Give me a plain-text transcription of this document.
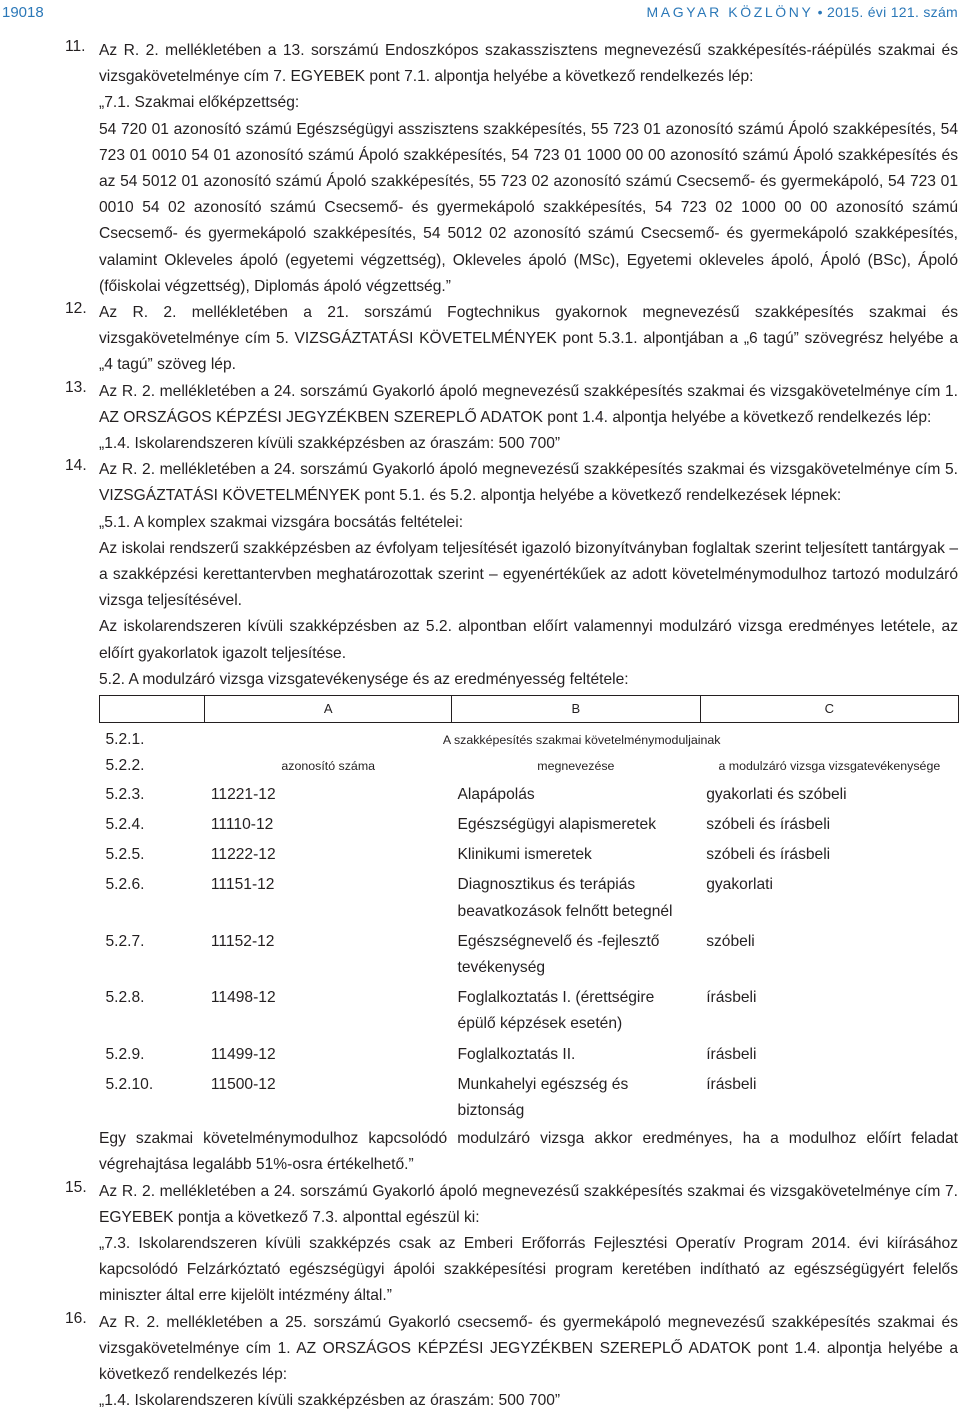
19018	MAGYAR KÖZLÖNY • 2015. évi 121. szám
11. Az R. 2. mellékletében a 13. sorszámú Endoszkópos szakasszisztens megnevezésű szakképesítés-ráépülés szakmai és vizsgakövetelménye cím 7. EGYEBEK pont 7.1. alpontja helyébe a következő rendelkezés lép:

„7.1. Szakmai előképzettség:

54 720 01 azonosító számú Egészségügyi asszisztens szakképesítés, 55 723 01 azonosító számú Ápoló szakképesítés, 54 723 01 0010 54 01 azonosító számú Ápoló szakképesítés, 54 723 01 1000 00 00 azonosító számú Ápoló szakképesítés és az 54 5012 01 azonosító számú Ápoló szakképesítés, 55 723 02 azonosító számú Csecsemő- és gyermekápoló, 54 723 01 0010 54 02 azonosító számú Csecsemő- és gyermekápoló szakképesítés, 54 723 02 1000 00 00 azonosító számú Csecsemő- és gyermekápoló szakképesítés, 54 5012 02 azonosító számú Csecsemő- és gyermekápoló szakképesítés, valamint Okleveles ápoló (egyetemi végzettség), Okleveles ápoló (MSc), Egyetemi okleveles ápoló, Ápoló (BSc), Ápoló (főiskolai végzettség), Diplomás ápoló végzettség.”

12. Az R. 2. mellékletében a 21. sorszámú Fogtechnikus gyakornok megnevezésű szakképesítés szakmai és vizsgakövetelménye cím 5. VIZSGÁZTATÁSI KÖVETELMÉNYEK pont 5.3.1. alpontjában a „6 tagú” szövegrész helyébe a „4 tagú” szöveg lép.

13. Az R. 2. mellékletében a 24. sorszámú Gyakorló ápoló megnevezésű szakképesítés szakmai és vizsgakövetelménye cím 1. AZ ORSZÁGOS KÉPZÉSI JEGYZÉKBEN SZEREPLŐ ADATOK pont 1.4. alpontja helyébe a következő rendelkezés lép:

„1.4. Iskolarendszeren kívüli szakképzésben az óraszám: 500 700”

14. Az R. 2. mellékletében a 24. sorszámú Gyakorló ápoló megnevezésű szakképesítés szakmai és vizsgakövetelménye cím 5. VIZSGÁZTATÁSI KÖVETELMÉNYEK pont 5.1. és 5.2. alpontja helyébe a következő rendelkezések lépnek:

„5.1. A komplex szakmai vizsgára bocsátás feltételei:

Az iskolai rendszerű szakképzésben az évfolyam teljesítését igazoló bizonyítványban foglaltak szerint teljesített tantárgyak – a szakképzési kerettantervben meghatározottak szerint – egyenértékűek az adott követelménymodulhoz tartozó modulzáró vizsga teljesítésével.

Az iskolarendszeren kívüli szakképzésben az 5.2. alpontban előírt valamennyi modulzáró vizsga eredményes letétele, az előírt gyakorlatok igazolt teljesítése.

5.2. A modulzáró vizsga vizsgatevékenysége és az eredményesség feltétele:

	A	B	C
5.2.1.	A szakképesítés szakmai követelménymoduljainak		
5.2.2.	azonosító száma	megnevezése	a modulzáró vizsga vizsgatevékenysége
5.2.3.	11221-12	Alapápolás	gyakorlati és szóbeli
5.2.4.	11110-12	Egészségügyi alapismeretek	szóbeli és írásbeli
5.2.5.	11222-12	Klinikumi ismeretek	szóbeli és írásbeli
5.2.6.	11151-12	Diagnosztikus és terápiás beavatkozások felnőtt betegnél	gyakorlati
5.2.7.	11152-12	Egészségnevelő és -fejlesztő tevékenység	szóbeli
5.2.8.	11498-12	Foglalkoztatás I. (érettségire épülő képzések esetén)	írásbeli
5.2.9.	11499-12	Foglalkoztatás II.	írásbeli
5.2.10.	11500-12	Munkahelyi egészség és biztonság	írásbeli

Egy szakmai követelménymodulhoz kapcsolódó modulzáró vizsga akkor eredményes, ha a modulhoz előírt feladat végrehajtása legalább 51%-osra értékelhető.”

15. Az R. 2. mellékletében a 24. sorszámú Gyakorló ápoló megnevezésű szakképesítés szakmai és vizsgakövetelménye cím 7. EGYEBEK pontja a következő 7.3. alponttal egészül ki:

„7.3. Iskolarendszeren kívüli szakképzés csak az Emberi Erőforrás Fejlesztési Operatív Program 2014. évi kiírásához kapcsolódó Felzárkóztató egészségügyi ápolói szakképesítési program keretében indítható az egészségügyért felelős miniszter által erre kijelölt intézmény által.”

16. Az R. 2. mellékletében a 25. sorszámú Gyakorló csecsemő- és gyermekápoló megnevezésű szakképesítés szakmai és vizsgakövetelménye cím 1. AZ ORSZÁGOS KÉPZÉSI JEGYZÉKBEN SZEREPLŐ ADATOK pont 1.4. alpontja helyébe a következő rendelkezés lép:

„1.4. Iskolarendszeren kívüli szakképzésben az óraszám: 500 700”
